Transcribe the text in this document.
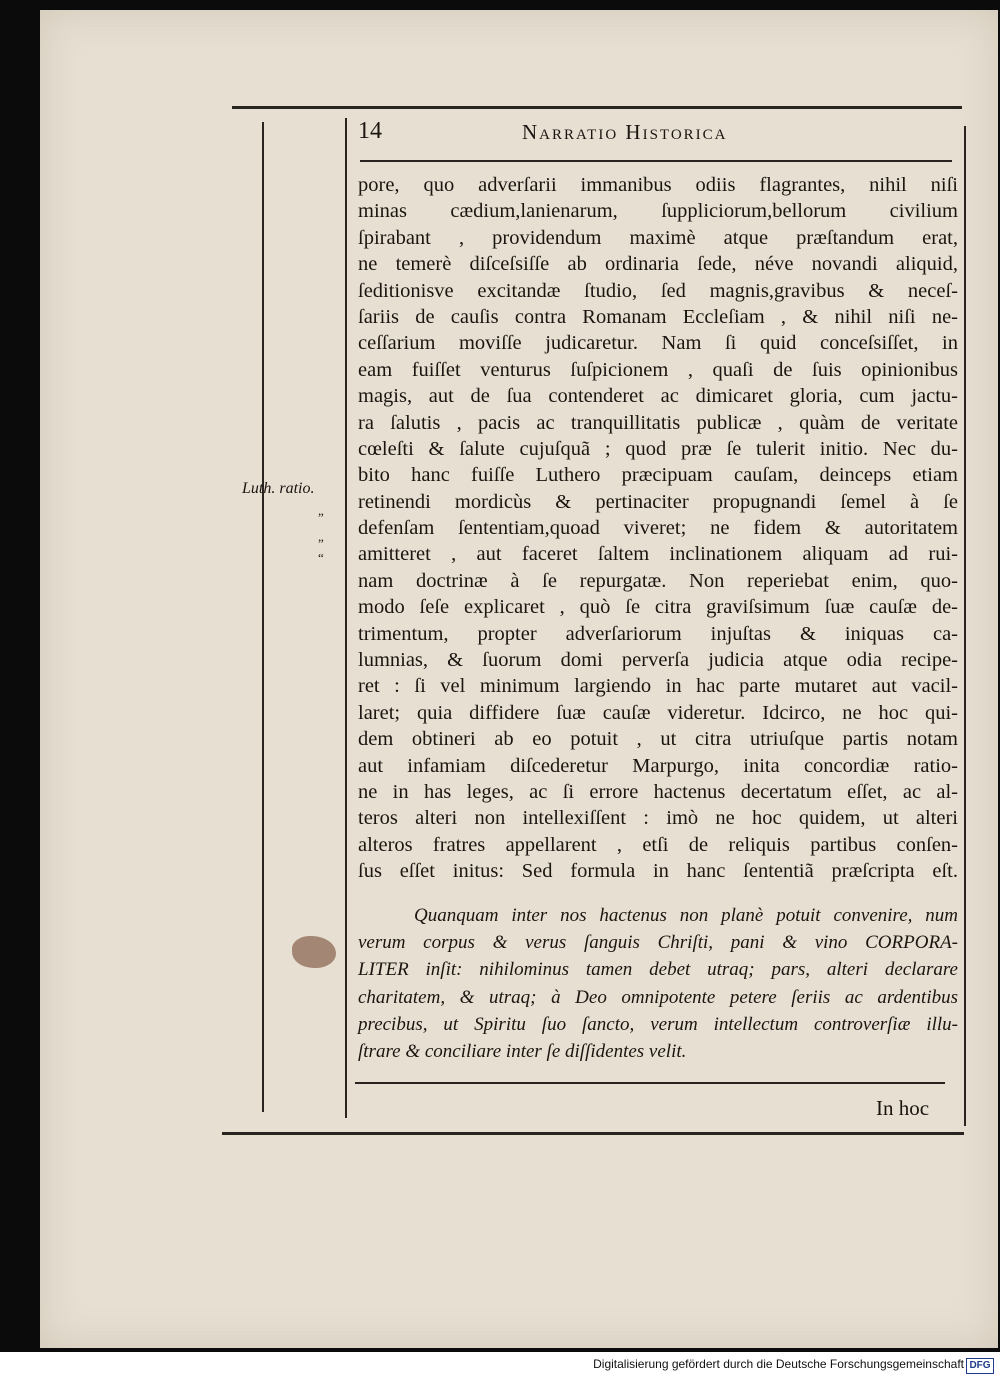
14	Narratio Historica
Luth. ratio.
”
”
“
pore, quo adverſarii immanibus odiis flagrantes, nihil niſi
minas cædium,lanienarum, ſuppliciorum,bellorum civilium
ſpirabant , providendum maximè atque præſtandum erat,
ne temerè diſceſsiſſe ab ordinaria ſede, néve novandi aliquid,
ſeditionisve excitandæ ſtudio, ſed magnis,gravibus & neceſ-
ſariis de cauſis contra Romanam Eccleſiam , & nihil niſi ne-
ceſſarium moviſſe judicaretur. Nam ſi quid conceſsiſſet, in
eam fuiſſet venturus ſuſpicionem , quaſi de ſuis opinionibus
magis, aut de ſua contenderet ac dimicaret gloria, cum jactu-
ra ſalutis , pacis ac tranquillitatis publicæ , quàm de veritate
cœleſti & ſalute cujuſquã ; quod præ ſe tulerit initio. Nec du-
bito hanc fuiſſe Luthero præcipuam cauſam, deinceps etiam
retinendi mordicùs & pertinaciter propugnandi ſemel à ſe
defenſam ſententiam,quoad viveret; ne fidem & autoritatem
amitteret , aut faceret ſaltem inclinationem aliquam ad rui-
nam doctrinæ à ſe repurgatæ. Non reperiebat enim, quo-
modo ſeſe explicaret , quò ſe citra graviſsimum ſuæ cauſæ de-
trimentum, propter adverſariorum injuſtas & iniquas ca-
lumnias, & ſuorum domi perverſa judicia atque odia recipe-
ret : ſi vel minimum largiendo in hac parte mutaret aut vacil-
laret; quia diffidere ſuæ cauſæ videretur. Idcirco, ne hoc qui-
dem obtineri ab eo potuit , ut citra utriuſque partis notam
aut infamiam diſcederetur Marpurgo, inita concordiæ ratio-
ne in has leges, ac ſi errore hactenus decertatum eſſet, ac al-
teros alteri non intellexiſſent : imò ne hoc quidem, ut alteri
alteros fratres appellarent , etſi de reliquis partibus conſen-
ſus eſſet initus: Sed formula in hanc ſententiã præſcripta eſt.
Quanquam inter nos hactenus non planè potuit convenire, num
verum corpus & verus ſanguis Chriſti, pani & vino CORPORA-
LITER inſit: nihilominus tamen debet utraq; pars, alteri declarare
charitatem, & utraq; à Deo omnipotente petere ſeriis ac ardentibus
precibus, ut Spiritu ſuo ſancto, verum intellectum controverſiæ illu-
ſtrare & conciliare inter ſe diſſidentes velit.
In hoc
Digitalisierung gefördert durch die Deutsche Forschungsgemeinschaft DFG
